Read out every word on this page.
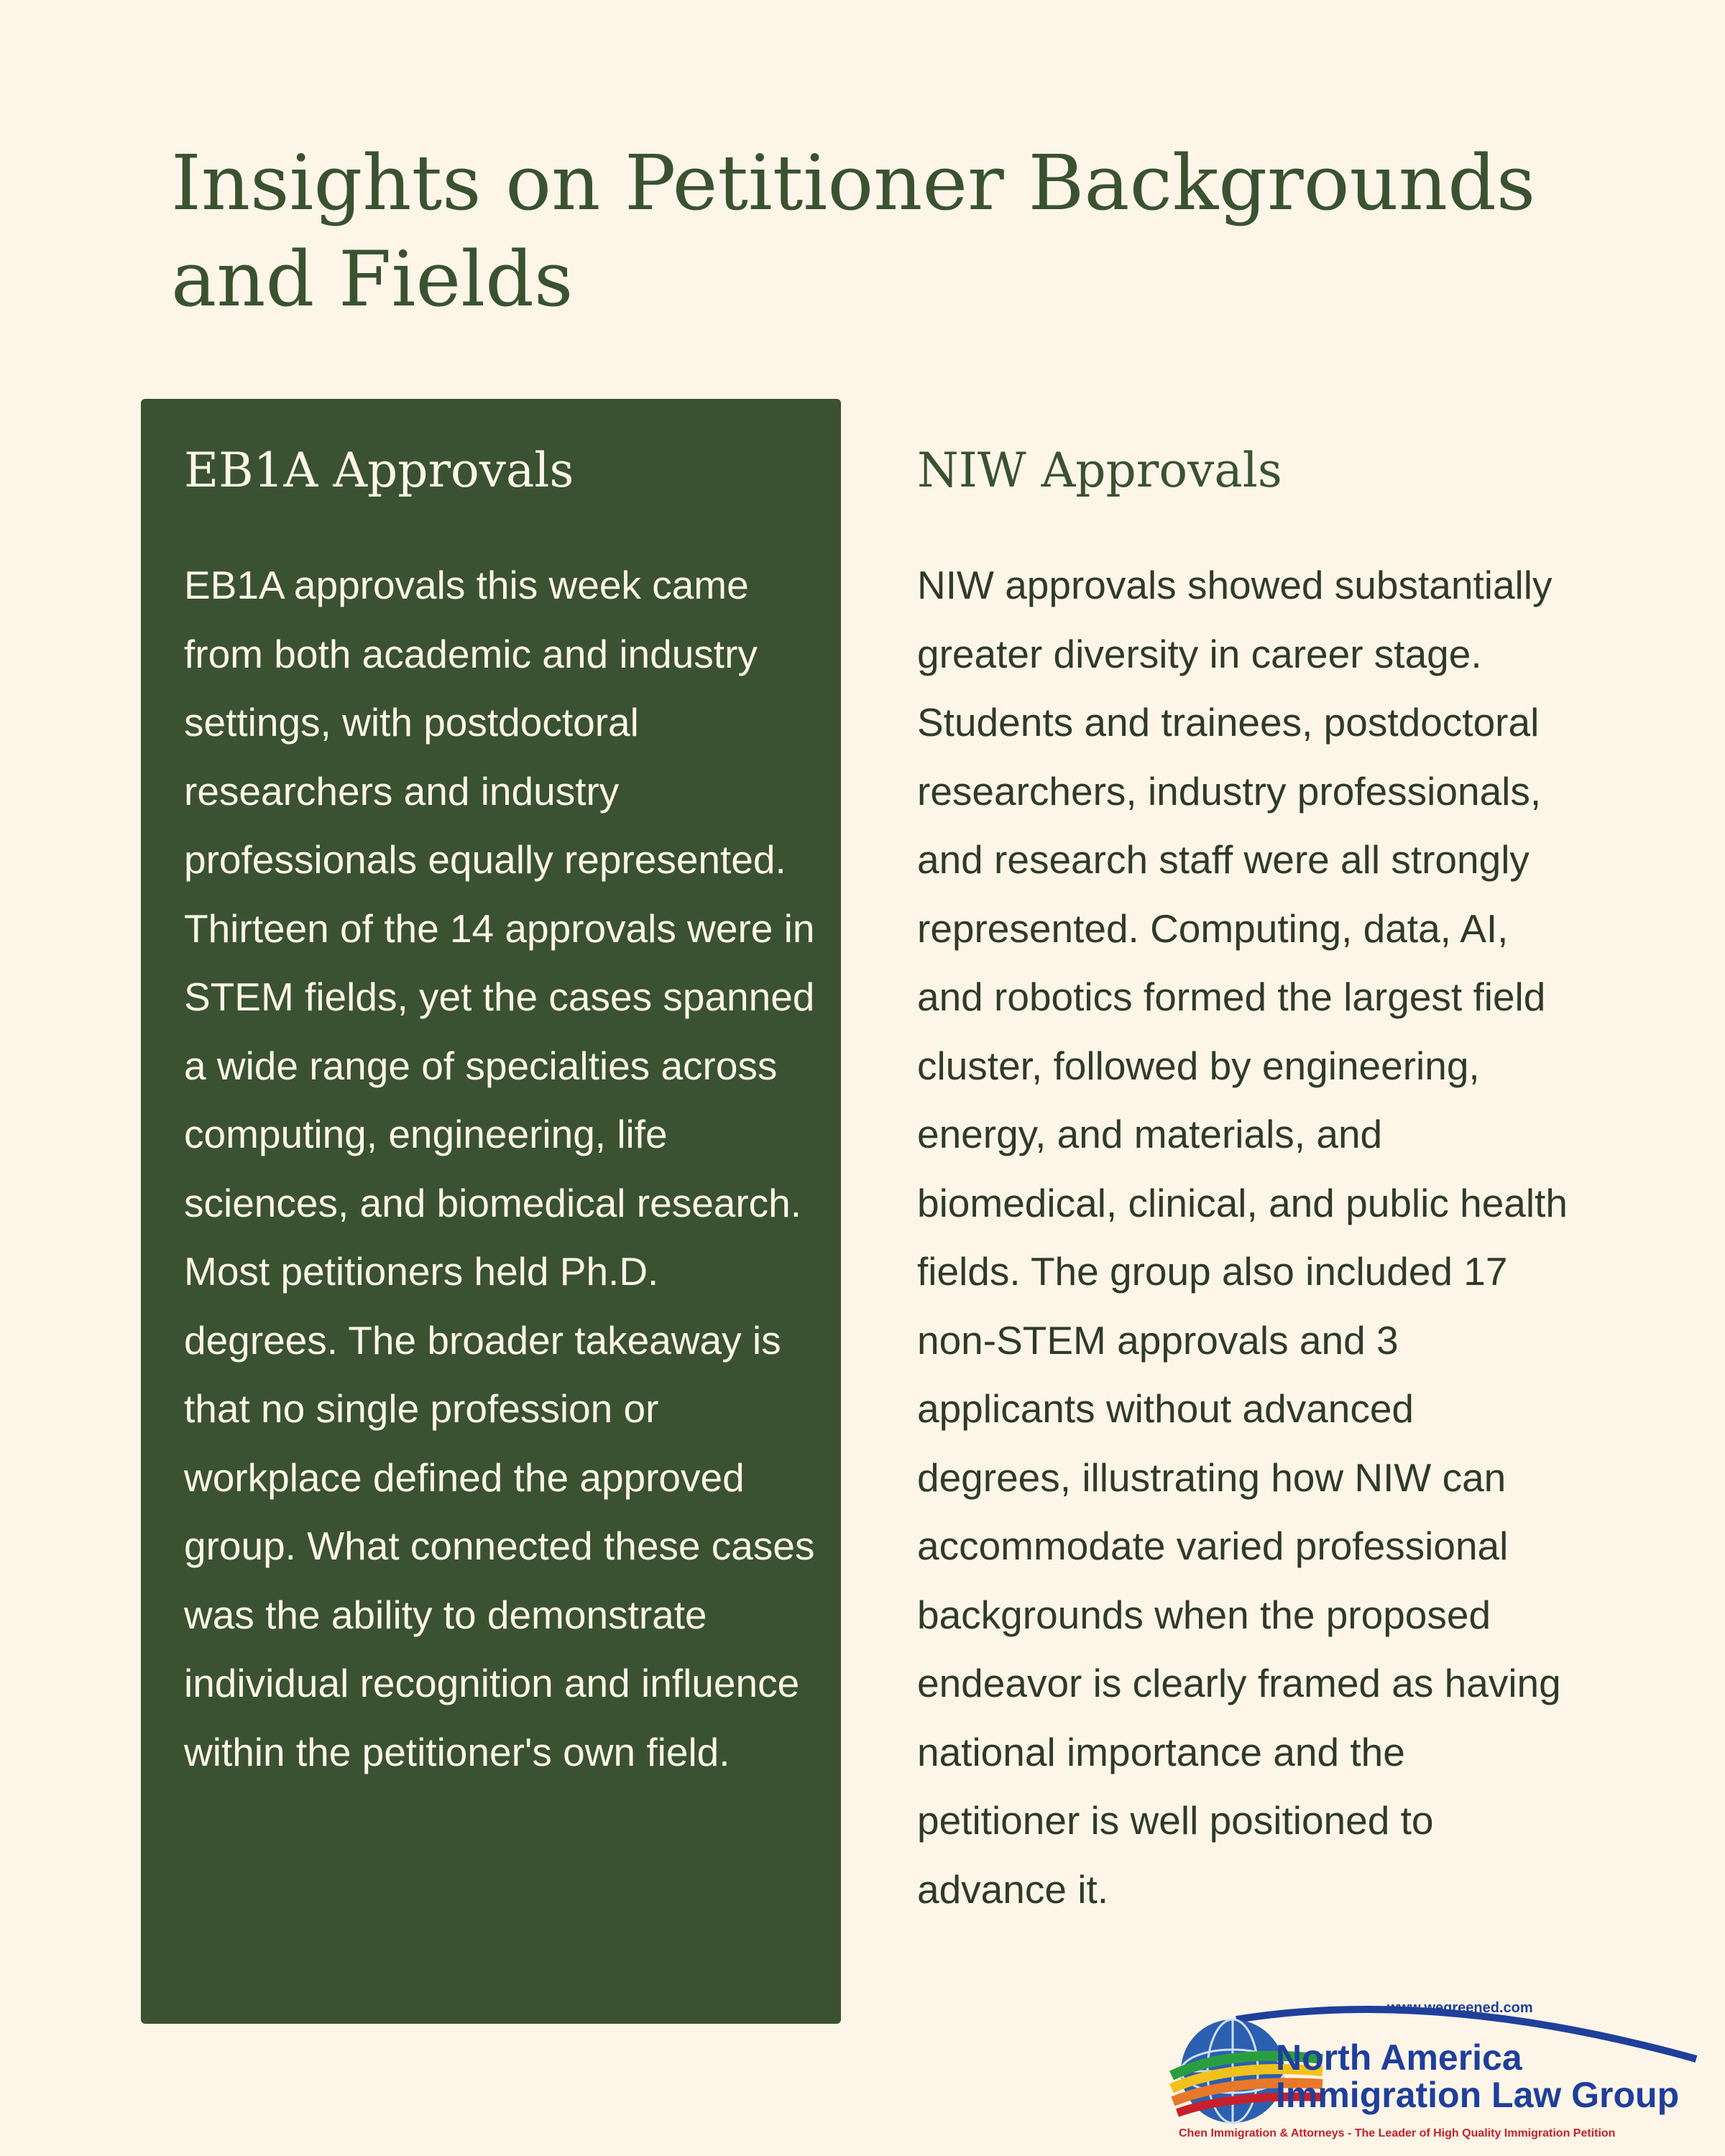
Insights on Petitioner Backgrounds and Fields
EB1A Approvals

EB1A approvals this week came from both academic and industry settings, with postdoctoral researchers and industry professionals equally represented. Thirteen of the 14 approvals were in STEM fields, yet the cases spanned a wide range of specialties across computing, engineering, life sciences, and biomedical research. Most petitioners held Ph.D. degrees. The broader takeaway is that no single profession or workplace defined the approved group. What connected these cases was the ability to demonstrate individual recognition and influence within the petitioner's own field.

NIW Approvals

NIW approvals showed substantially greater diversity in career stage. Students and trainees, postdoctoral researchers, industry professionals, and research staff were all strongly represented. Computing, data, AI, and robotics formed the largest field cluster, followed by engineering, energy, and materials, and biomedical, clinical, and public health fields. The group also included 17 non-STEM approvals and 3 applicants without advanced degrees, illustrating how NIW can accommodate varied professional backgrounds when the proposed endeavor is clearly framed as having national importance and the petitioner is well positioned to advance it.

www.wegreened.com
North America
Immigration Law Group
Chen Immigration & Attorneys - The Leader of High Quality Immigration Petition
